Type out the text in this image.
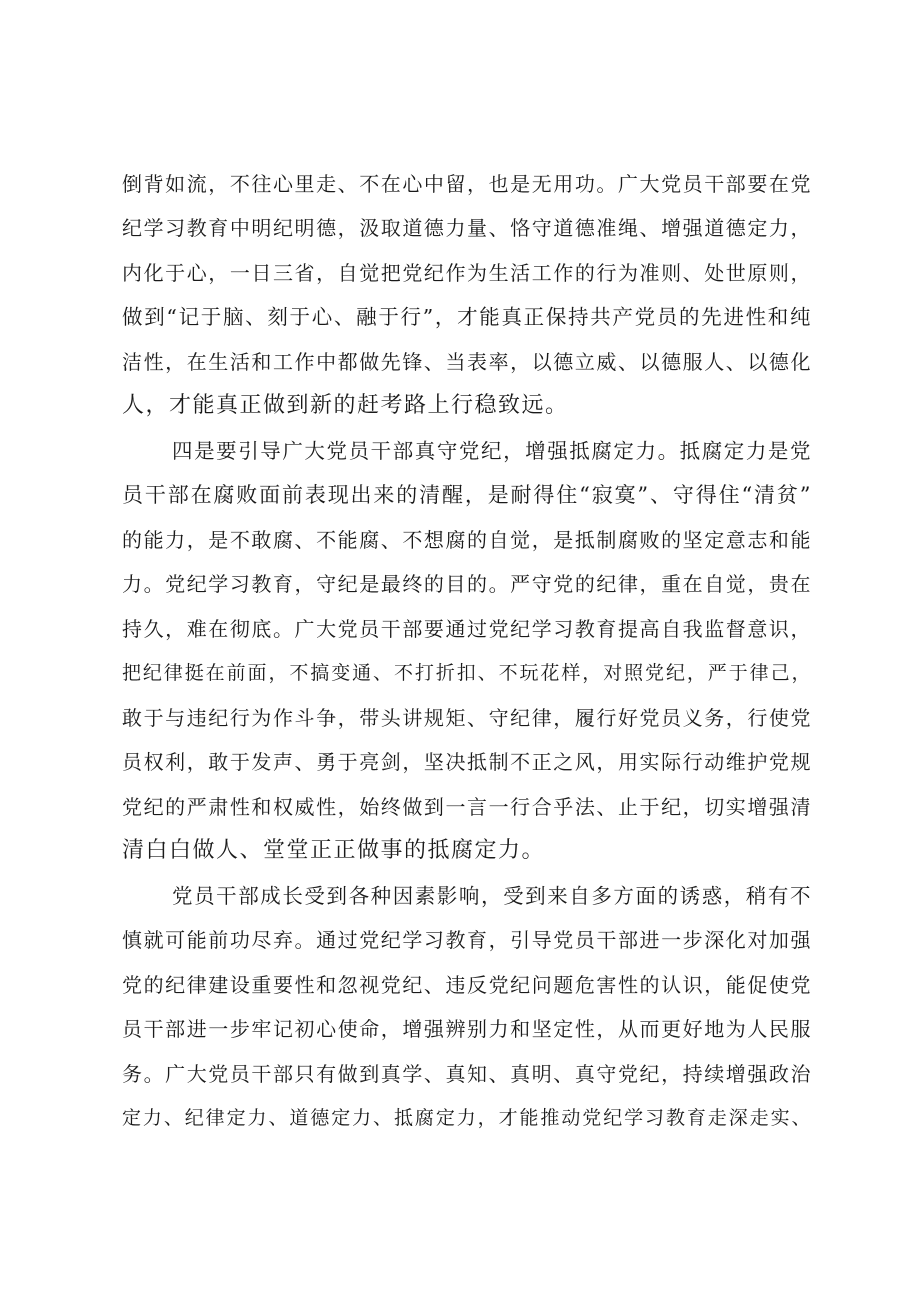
倒背如流，不往心里走、不在心中留，也是无用功。广大党员干部要在党
纪学习教育中明纪明德，汲取道德力量、恪守道德准绳、增强道德定力，
内化于心，一日三省，自觉把党纪作为生活工作的行为准则、处世原则，
做到“记于脑、刻于心、融于行”，才能真正保持共产党员的先进性和纯
洁性，在生活和工作中都做先锋、当表率，以德立威、以德服人、以德化
人，才能真正做到新的赶考路上行稳致远。
四是要引导广大党员干部真守党纪，增强抵腐定力。抵腐定力是党
员干部在腐败面前表现出来的清醒，是耐得住“寂寞”、守得住“清贫”
的能力，是不敢腐、不能腐、不想腐的自觉，是抵制腐败的坚定意志和能
力。党纪学习教育，守纪是最终的目的。严守党的纪律，重在自觉，贵在
持久，难在彻底。广大党员干部要通过党纪学习教育提高自我监督意识，
把纪律挺在前面，不搞变通、不打折扣、不玩花样，对照党纪，严于律己，
敢于与违纪行为作斗争，带头讲规矩、守纪律，履行好党员义务，行使党
员权利，敢于发声、勇于亮剑，坚决抵制不正之风，用实际行动维护党规
党纪的严肃性和权威性，始终做到一言一行合乎法、止于纪，切实增强清
清白白做人、堂堂正正做事的抵腐定力。
党员干部成长受到各种因素影响，受到来自多方面的诱惑，稍有不
慎就可能前功尽弃。通过党纪学习教育，引导党员干部进一步深化对加强
党的纪律建设重要性和忽视党纪、违反党纪问题危害性的认识，能促使党
员干部进一步牢记初心使命，增强辨别力和坚定性，从而更好地为人民服
务。广大党员干部只有做到真学、真知、真明、真守党纪，持续增强政治
定力、纪律定力、道德定力、抵腐定力，才能推动党纪学习教育走深走实、
